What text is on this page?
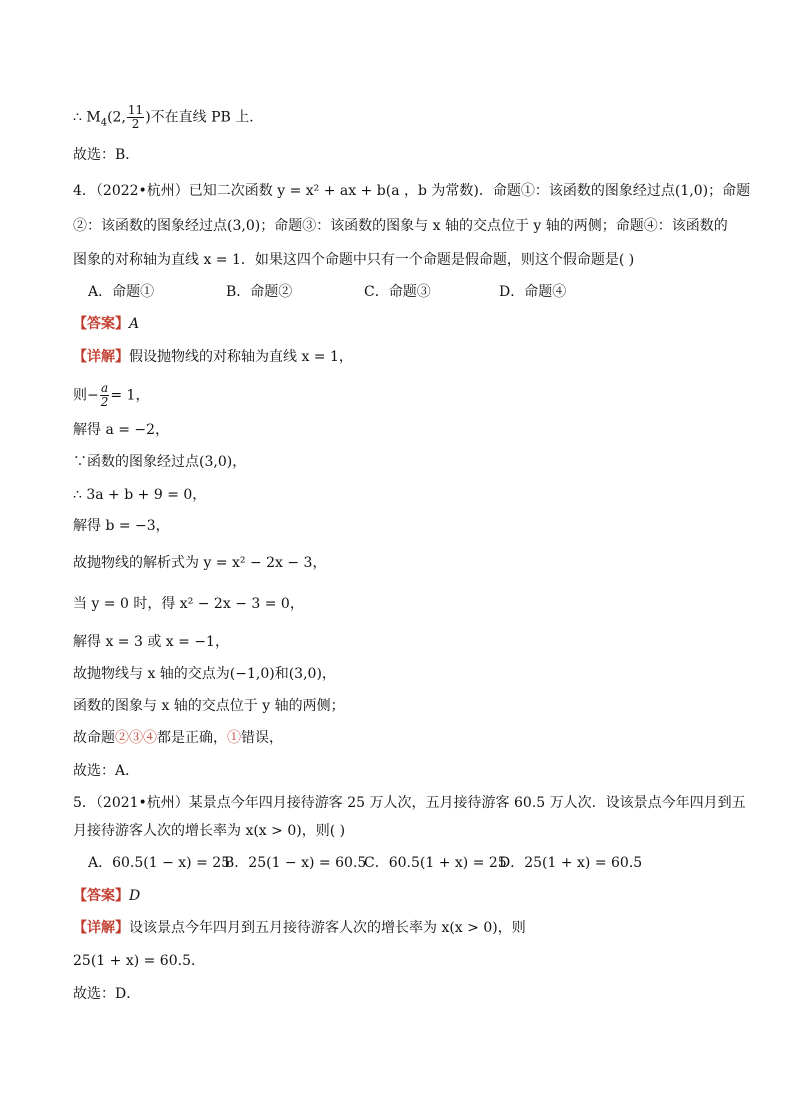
∴ $M_4(2$, $\frac{11}{2}$ )不在直线 PB 上．
故选：B．
4．（2022•杭州）已知二次函数 y = x² + ax + b(a ，b 为常数)．命题①：该函数的图象经过点(1,0)；命题
②：该函数的图象经过点(3,0)；命题③：该函数的图象与 x 轴的交点位于 y 轴的两侧；命题④：该函数的
图象的对称轴为直线 x = 1．如果这四个命题中只有一个命题是假命题，则这个假命题是( )
A．命题①	B．命题②	C．命题③	D．命题④
【答案】A
【详解】假设抛物线的对称轴为直线 x = 1，
则− $\frac{a}{2} = 1$，
解得 a = −2，
∵函数的图象经过点(3,0)，
∴ 3a + b + 9 = 0，
解得 b = −3，
故抛物线的解析式为 y = x² − 2x − 3，
当 y = 0 时，得 x² − 2x − 3 = 0，
解得 x = 3 或 x = −1，
故抛物线与 x 轴的交点为(−1,0)和(3,0)，
函数的图象与 x 轴的交点位于 y 轴的两侧；
故命题②③④都是正确，①错误，
故选：A．
5．（2021•杭州）某景点今年四月接待游客 25 万人次，五月接待游客 60.5 万人次．设该景点今年四月到五
月接待游客人次的增长率为 x(x > 0)，则( )
A．60.5(1 − x) = 25B．25(1 − x) = 60.5C．60.5(1 + x) = 25D．25(1 + x) = 60.5
【答案】D
【详解】设该景点今年四月到五月接待游客人次的增长率为 x(x > 0)，则
25(1 + x) = 60.5．
故选：D．
